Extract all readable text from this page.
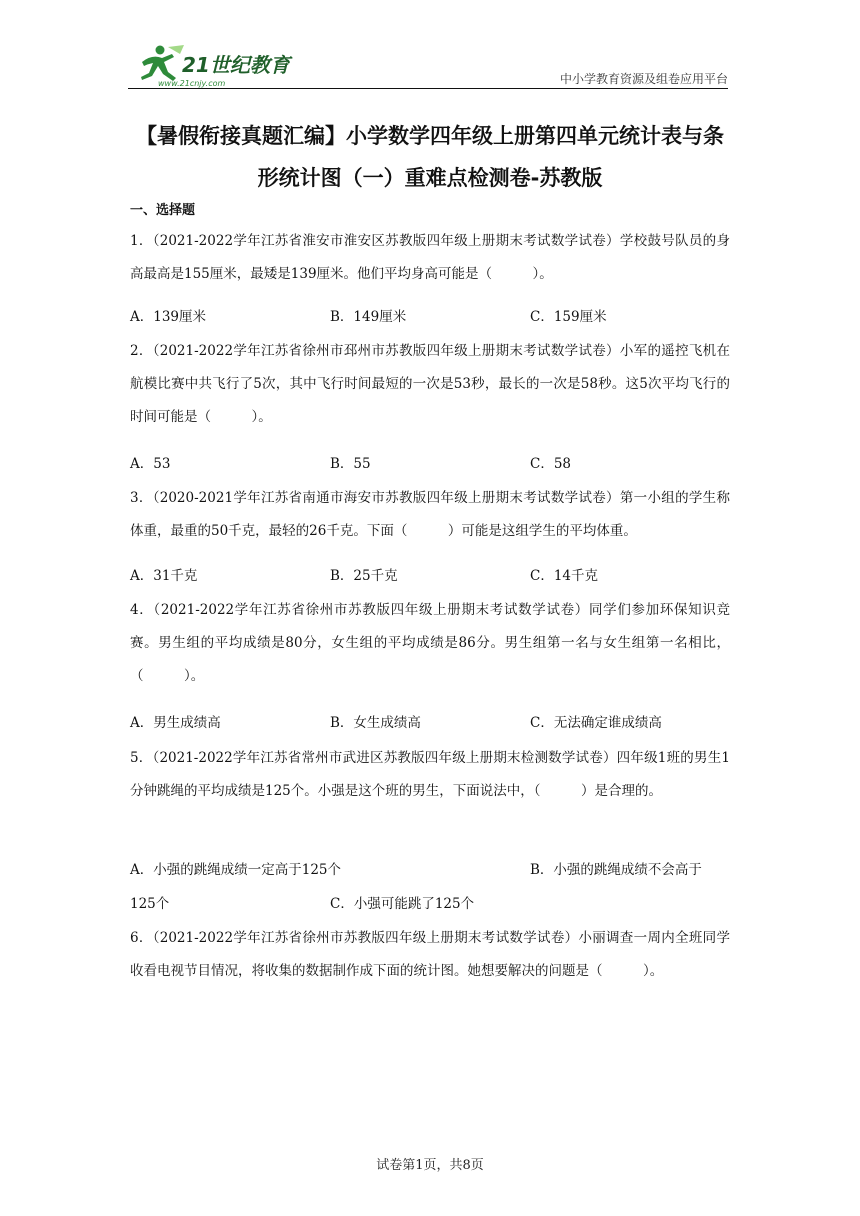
21世纪教育
www.21cnjy.com	中小学教育资源及组卷应用平台
【暑假衔接真题汇编】小学数学四年级上册第四单元统计表与条
形统计图（一）重难点检测卷-苏教版
一、选择题
1．（2021-2022学年江苏省淮安市淮安区苏教版四年级上册期末考试数学试卷）学校鼓号队员的身高最高是155厘米，最矮是139厘米。他们平均身高可能是（　　　）。
A．139厘米	B．149厘米	C．159厘米
2．（2021-2022学年江苏省徐州市邳州市苏教版四年级上册期末考试数学试卷）小军的遥控飞机在航模比赛中共飞行了5次，其中飞行时间最短的一次是53秒，最长的一次是58秒。这5次平均飞行的时间可能是（　　　）。
A．53	B．55	C．58
3．（2020-2021学年江苏省南通市海安市苏教版四年级上册期末考试数学试卷）第一小组的学生称体重，最重的50千克，最轻的26千克。下面（　　　）可能是这组学生的平均体重。
A．31千克	B．25千克	C．14千克
4．（2021-2022学年江苏省徐州市苏教版四年级上册期末考试数学试卷）同学们参加环保知识竞赛。男生组的平均成绩是80分，女生组的平均成绩是86分。男生组第一名与女生组第一名相比，（　　　）。
A．男生成绩高	B．女生成绩高	C．无法确定谁成绩高
5．（2021-2022学年江苏省常州市武进区苏教版四年级上册期末检测数学试卷）四年级1班的男生1分钟跳绳的平均成绩是125个。小强是这个班的男生，下面说法中，（　　　）是合理的。
A．小强的跳绳成绩一定高于125个	B．小强的跳绳成绩不会高于
125个	C．小强可能跳了125个
6．（2021-2022学年江苏省徐州市苏教版四年级上册期末考试数学试卷）小丽调查一周内全班同学收看电视节目情况，将收集的数据制作成下面的统计图。她想要解决的问题是（　　　）。
试卷第1页，共8页
